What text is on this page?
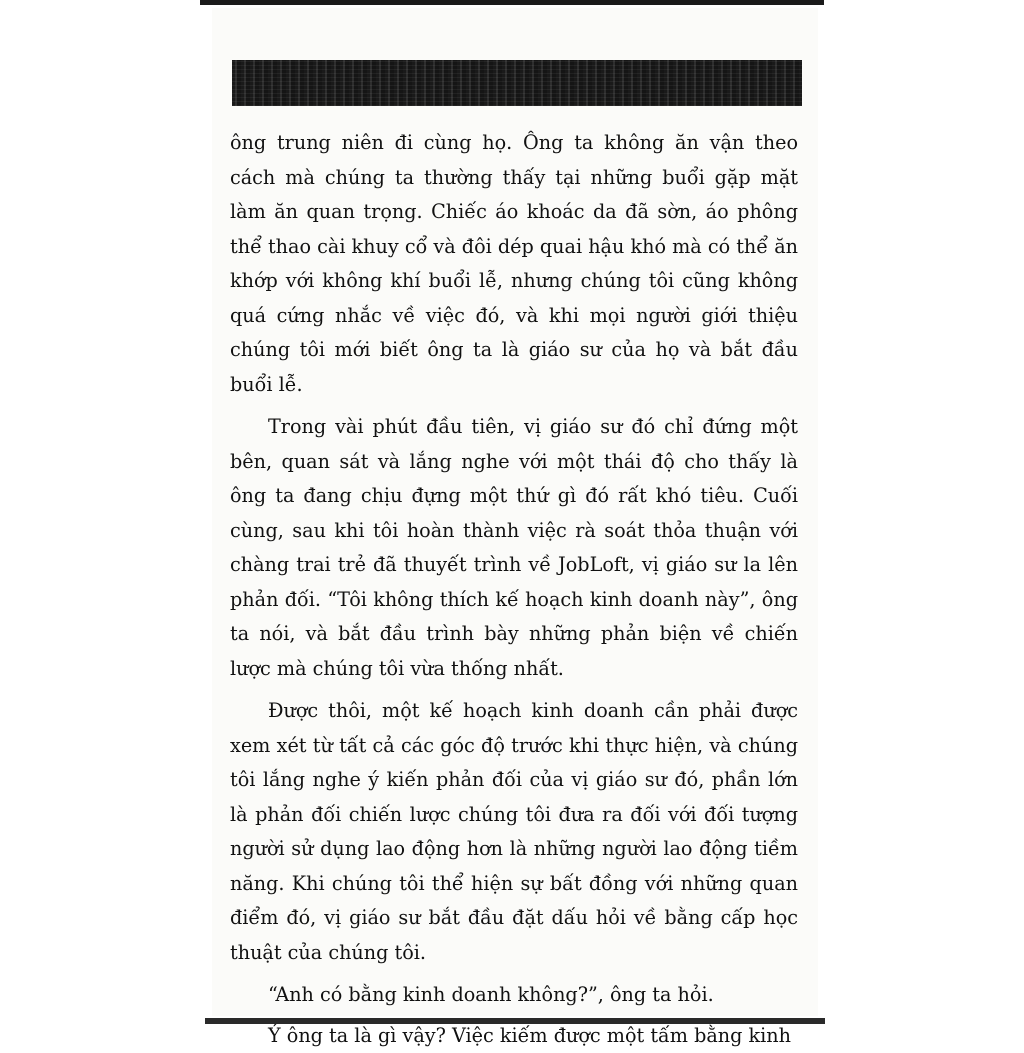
ông trung niên đi cùng họ. Ông ta không ăn vận theo cách mà chúng ta thường thấy tại những buổi gặp mặt làm ăn quan trọng. Chiếc áo khoác da đã sờn, áo phông thể thao cài khuy cổ và đôi dép quai hậu khó mà có thể ăn khớp với không khí buổi lễ, nhưng chúng tôi cũng không quá cứng nhắc về việc đó, và khi mọi người giới thiệu chúng tôi mới biết ông ta là giáo sư của họ và bắt đầu buổi lễ.

Trong vài phút đầu tiên, vị giáo sư đó chỉ đứng một bên, quan sát và lắng nghe với một thái độ cho thấy là ông ta đang chịu đựng một thứ gì đó rất khó tiêu. Cuối cùng, sau khi tôi hoàn thành việc rà soát thỏa thuận với chàng trai trẻ đã thuyết trình về JobLoft, vị giáo sư la lên phản đối. “Tôi không thích kế hoạch kinh doanh này”, ông ta nói, và bắt đầu trình bày những phản biện về chiến lược mà chúng tôi vừa thống nhất.

Được thôi, một kế hoạch kinh doanh cần phải được xem xét từ tất cả các góc độ trước khi thực hiện, và chúng tôi lắng nghe ý kiến phản đối của vị giáo sư đó, phần lớn là phản đối chiến lược chúng tôi đưa ra đối với đối tượng người sử dụng lao động hơn là những người lao động tiềm năng. Khi chúng tôi thể hiện sự bất đồng với những quan điểm đó, vị giáo sư bắt đầu đặt dấu hỏi về bằng cấp học thuật của chúng tôi.

“Anh có bằng kinh doanh không?”, ông ta hỏi.

Ý ông ta là gì vậy? Việc kiếm được một tấm bằng kinh
